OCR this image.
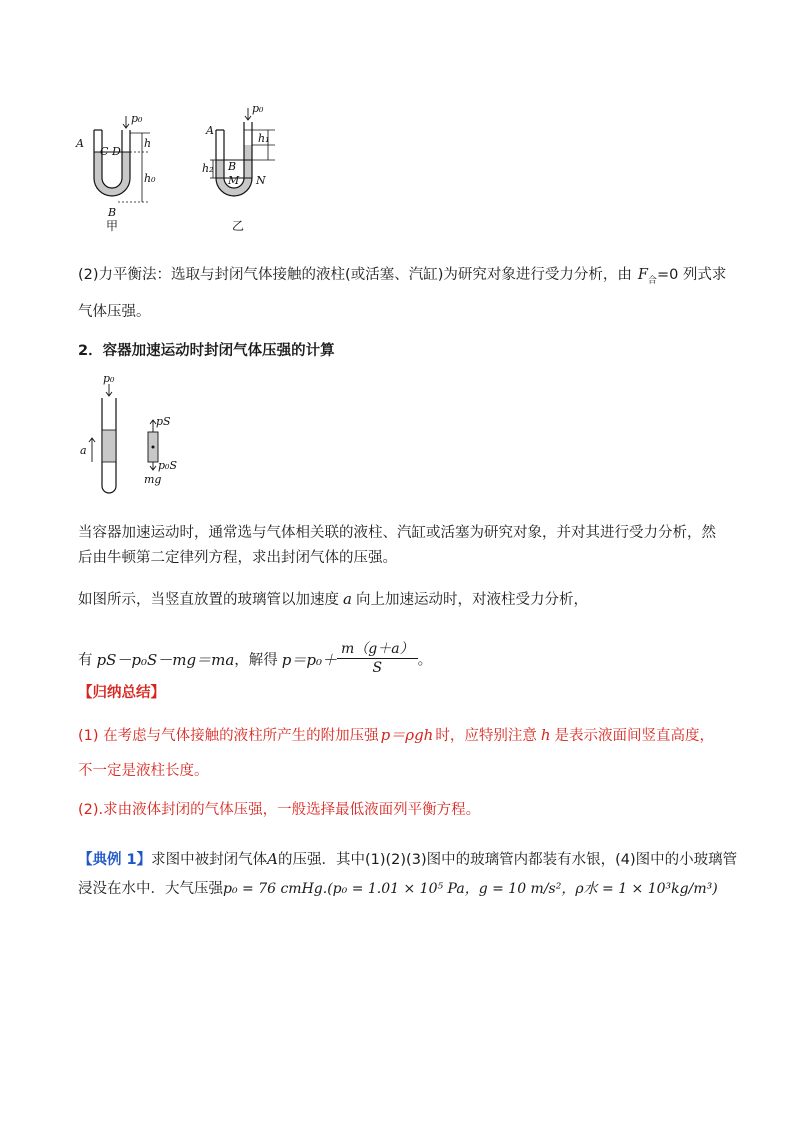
A
C D
p₀
h
h₀
B
甲
A
p₀
h₁
h₂ B
M N
乙
(2)力平衡法：选取与封闭气体接触的液柱(或活塞、汽缸)为研究对象进行受力分析，由 $F_合=0$ 列式求
气体压强。
2．容器加速运动时封闭气体压强的计算
p₀
a
pS
p₀S
mg
当容器加速运动时，通常选与气体相关联的液柱、汽缸或活塞为研究对象，并对其进行受力分析，然
后由牛顿第二定律列方程，求出封闭气体的压强。
如图所示，当竖直放置的玻璃管以加速度 a 向上加速运动时，对液柱受力分析，
有 pS－p₀S－mg＝ma，解得 $p=p_0+ \frac{m(g+a)}{S}$ 。
【归纳总结】
(1) 在考虑与气体接触的液柱所产生的附加压强 p＝ρgh 时，应特别注意 h 是表示液面间竖直高度，
不一定是液柱长度。
(2).求由液体封闭的气体压强，一般选择最低液面列平衡方程。
【典例 1】求图中被封闭气体A的压强．其中(1)(2)(3)图中的玻璃管内都装有水银，(4)图中的小玻璃管
浸没在水中．大气压强p₀ = 76 cmHg.(p₀ = 1.01 × 10⁵ Pa，g = 10 m/s²，ρ水 = 1 × 10³kg/m³)
